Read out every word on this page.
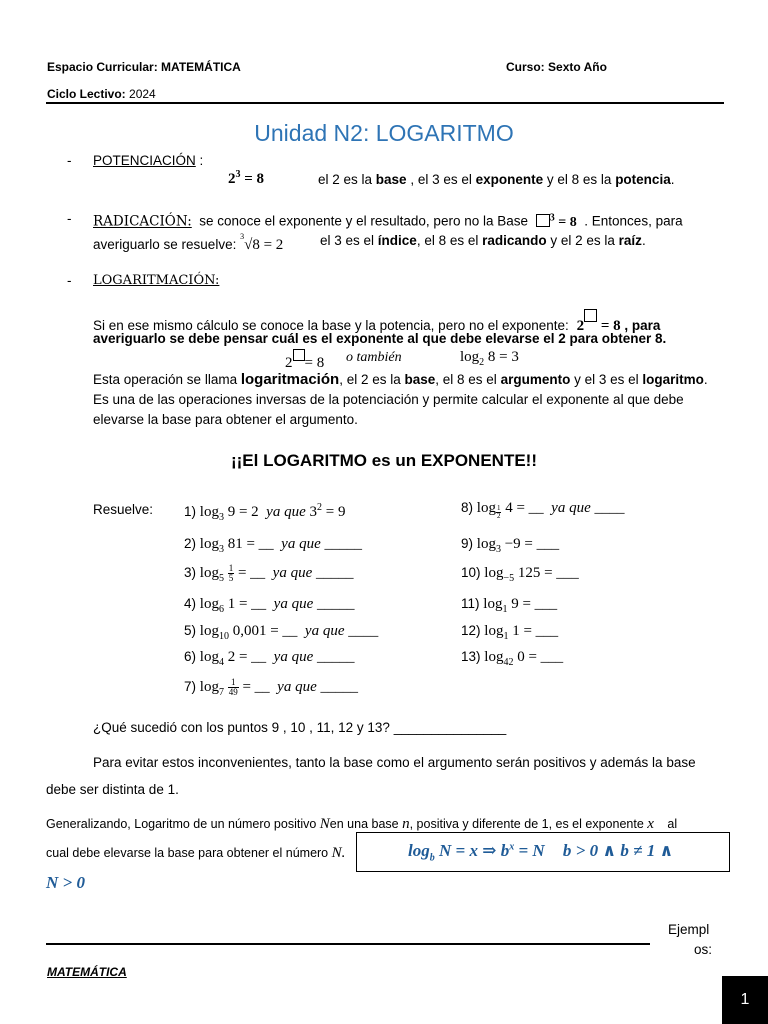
Espacio Curricular: MATEMÁTICA	Curso: Sexto Año
Ciclo Lectivo: 2024
Unidad N2: LOGARITMO
- POTENCIACIÓN :
$2^3 = 8$	el 2 es la base , el 3 es el exponente y el 8 es la potencia.
- RADICACIÓN: se conoce el exponente y el resultado, pero no la Base $^3$ = 8 . Entonces, para
averiguarlo se resuelve: $^3$√8 = 2	el 3 es el índice, el 8 es el radicando y el 2 es la raíz.
- LOGARITMACIÓN:
Si en ese mismo cálculo se conoce la base y la potencia, pero no el exponente: 2 = 8 , para
averiguarlo se debe pensar cuál es el exponente al que debe elevarse el 2 para obtener 8.
2 = 8 o también	$\log_2 8 = 3$
Esta operación se llama logaritmación, el 2 es la base, el 8 es el argumento y el 3 es el logaritmo.
Es una de las operaciones inversas de la potenciación y permite calcular el exponente al que debe
elevarse la base para obtener el argumento.
¡¡El LOGARITMO es un EXPONENTE!!
Resuelve: 1) $\log_3 9 = 2$ ya que $3^2 = 9$
2) $\log_3 81$ = __ ya que _____
3) $\log_5 \frac{1}{5}$ = __ ya que _____
4) $\log_6 1$ = __ ya que _____
5) $\log_{10} 0,001$ = __ ya que ____
6) $\log_4 2$ = __ ya que _____
7) $\log_7 \frac{1}{49}$ = __ ya que _____
8) $\log \frac{1}{2} 4$ = __ ya que ____
9) $\log_3 -9$ = ___
10) $\log_{-5} 125$ = ___
11) $\log_1 9$ = ___
12) $\log_1 1$ = ___
13) $\log_{42} 0$ = ___
¿Qué sucedió con los puntos 9 , 10 , 11, 12 y 13? _______________
Para evitar estos inconvenientes, tanto la base como el argumento serán positivos y además la base
debe ser distinta de 1.
Generalizando, Logaritmo de un número positivo Nen una base n, positiva y diferente de 1, es el exponente x al
cual debe elevarse la base para obtener el número N.	$\log_b N = x$ ⇒ $b^x = N$ b > 0 ∧ b ≠ 1 ∧
N > 0
Ejempl
os:
MATEMÁTICA
1
